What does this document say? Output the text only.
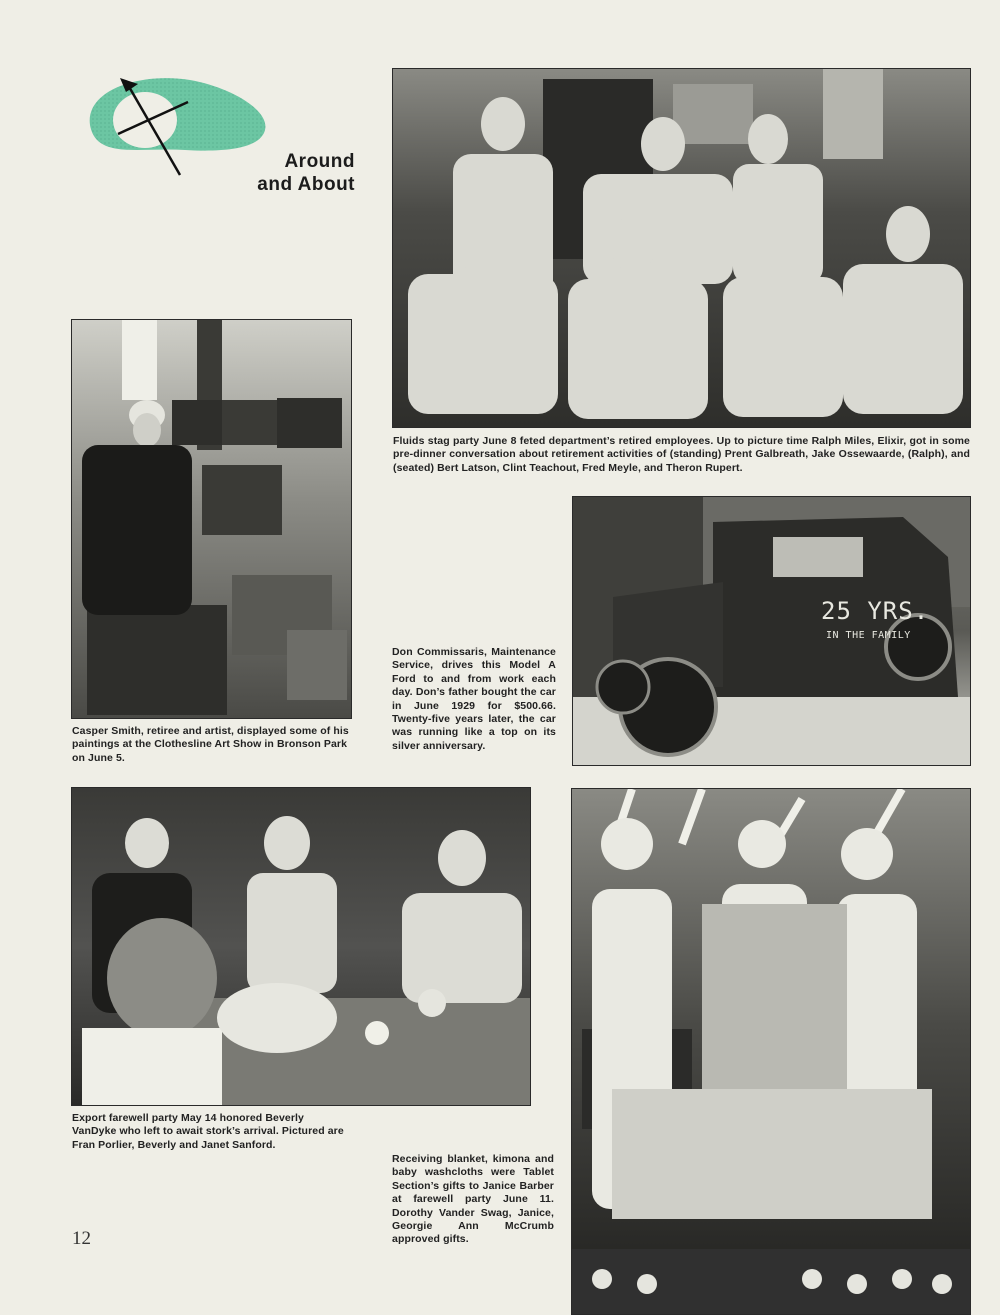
Around
and About
Fluids stag party June 8 feted department’s retired employees. Up to picture time Ralph Miles, Elixir, got in some pre-dinner conversation about retirement activities of (standing) Prent Galbreath, Jake Ossewaarde, (Ralph), and (seated) Bert Latson, Clint Teachout, Fred Meyle, and Theron Rupert.
Casper Smith, retiree and artist, displayed some of his paintings at the Clothesline Art Show in Bronson Park on June 5.
25 YRS.
IN THE FAMILY
Don Commissaris, Maintenance Service, drives this Model A Ford to and from work each day. Don’s father bought the car in June 1929 for $500.66. Twenty-five years later, the car was running like a top on its silver anniversary.
Export farewell party May 14 honored Beverly VanDyke who left to await stork’s arrival. Pictured are Fran Porlier, Beverly and Janet Sanford.
Receiving blanket, kimona and baby washcloths were Tablet Section’s gifts to Janice Barber at farewell party June 11. Dorothy Vander Swag, Janice, Georgie Ann McCrumb approved gifts.
12
